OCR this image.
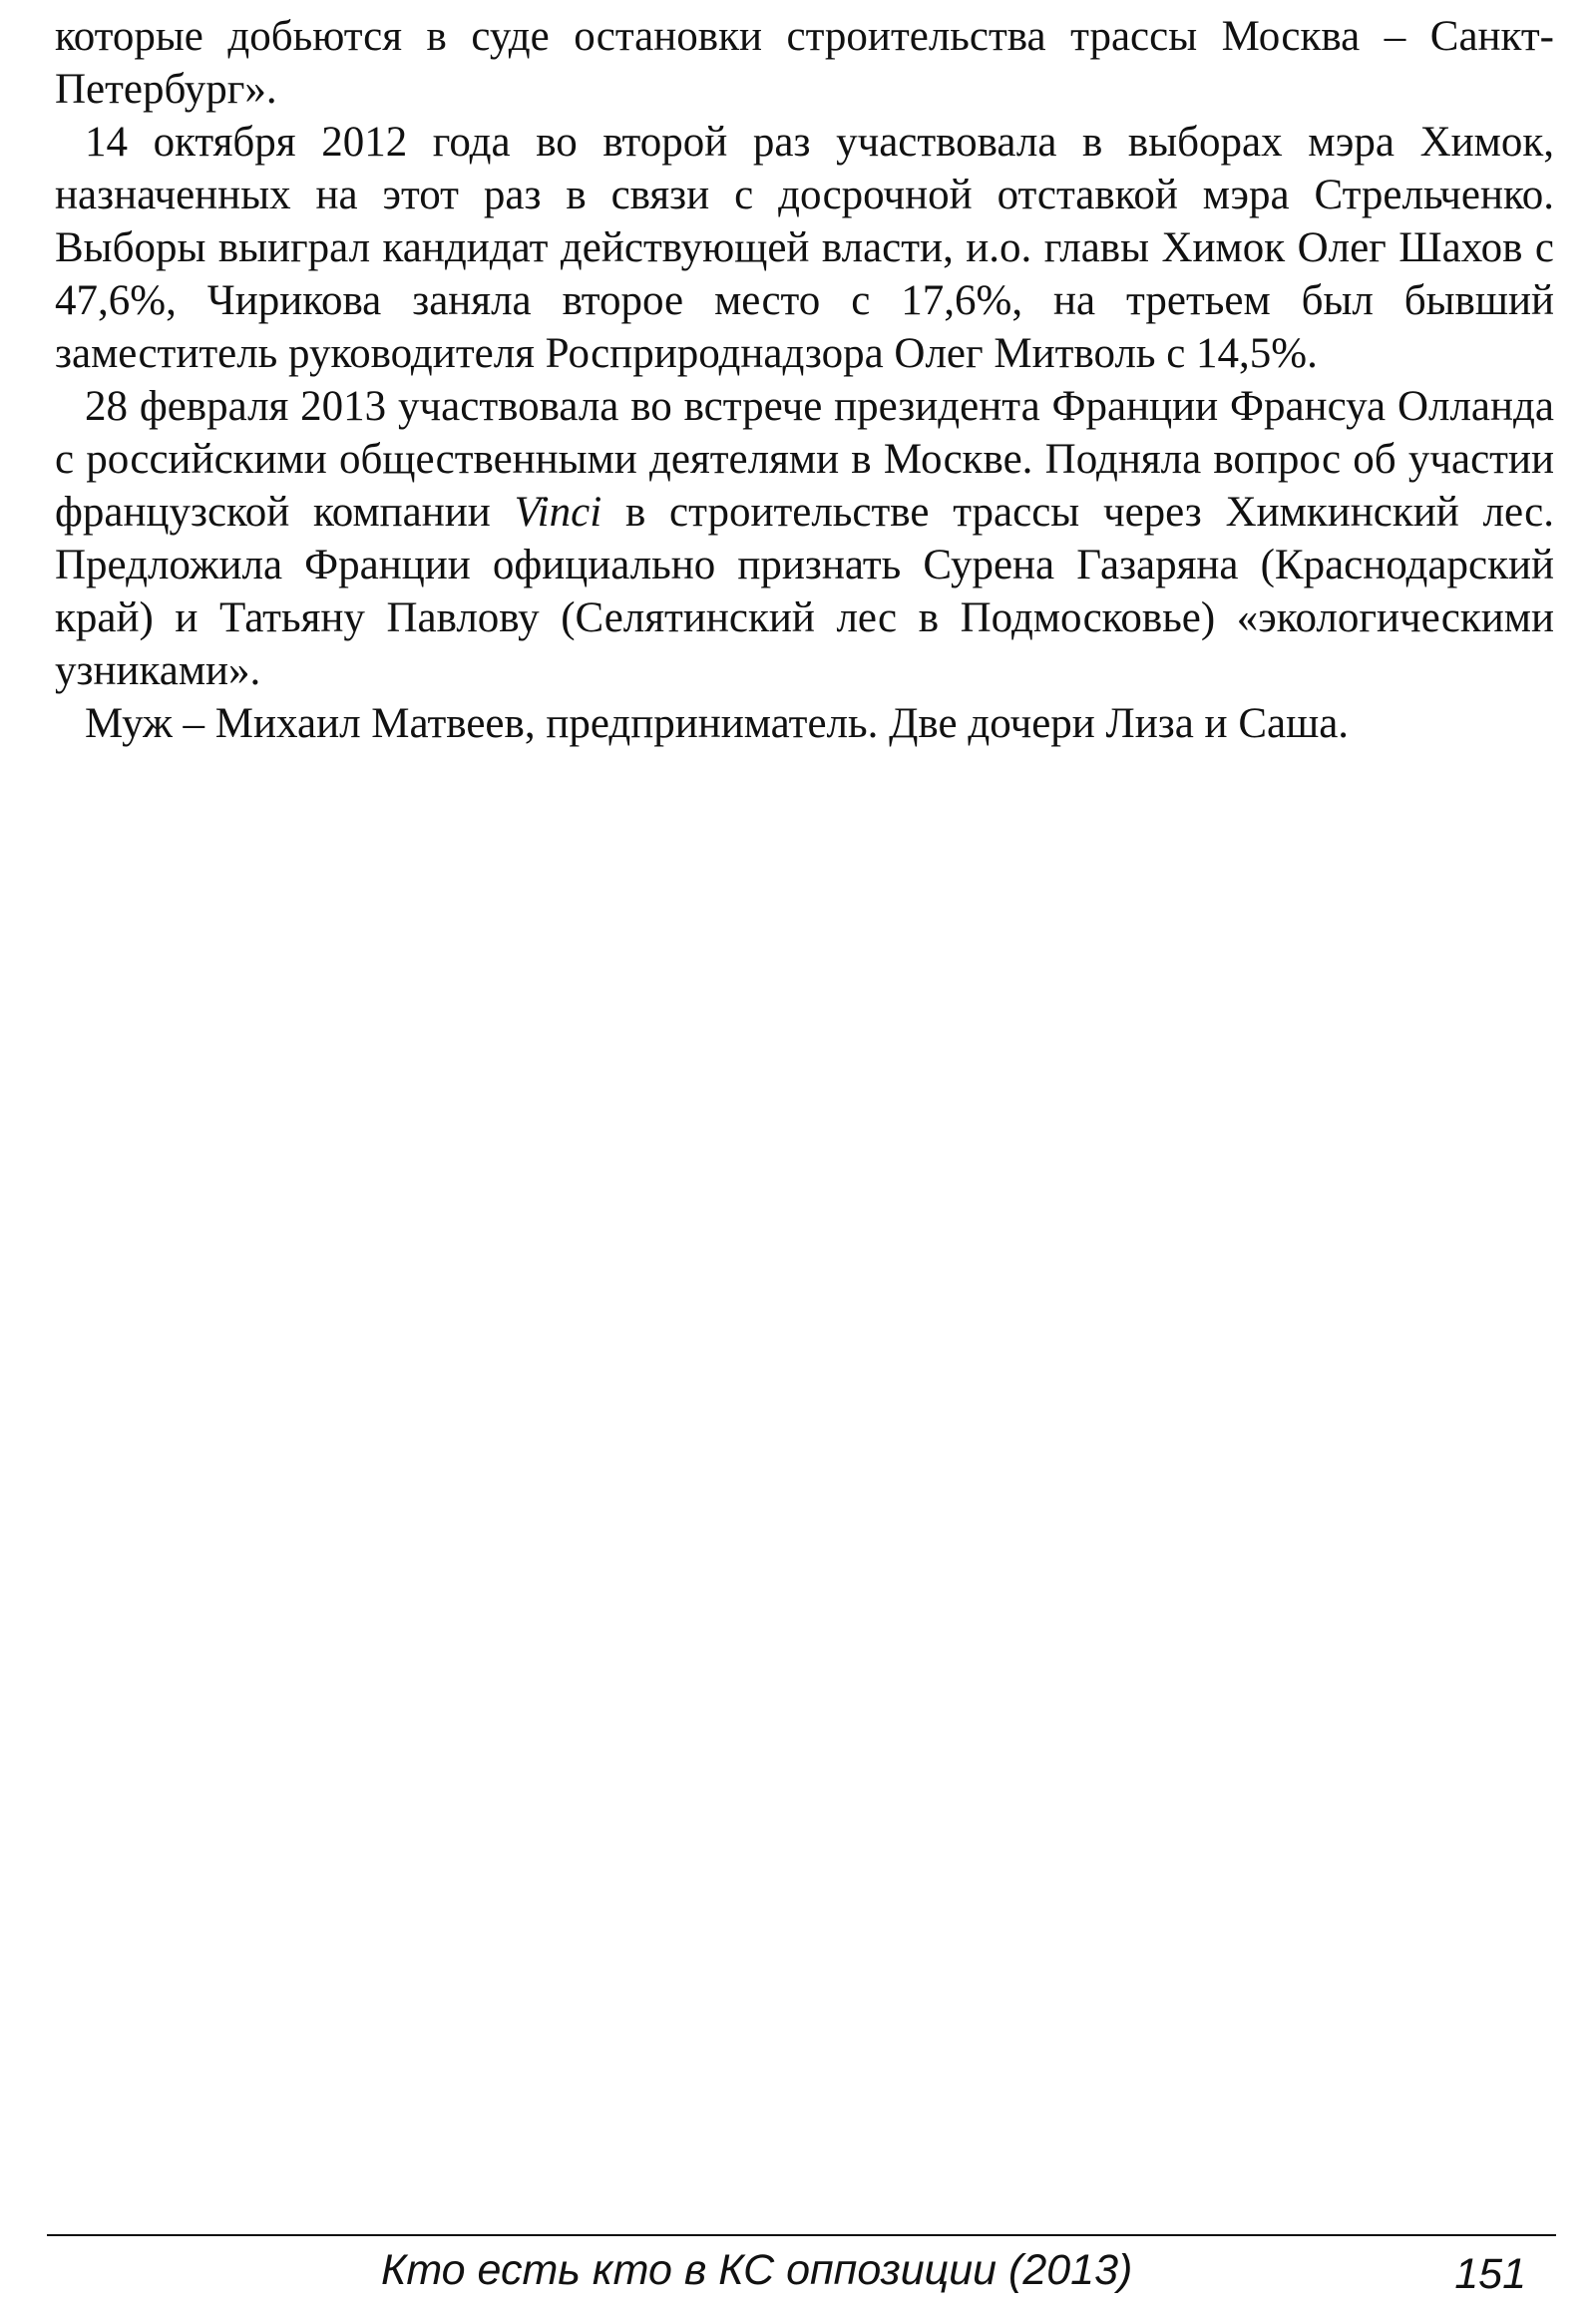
которые добьются в суде остановки строительства трассы Москва – Санкт-Петербург».

14 октября 2012 года во второй раз участвовала в выборах мэра Химок, назначенных на этот раз в связи с досрочной отставкой мэра Стрельченко. Выборы выиграл кандидат действующей власти, и.о. главы Химок Олег Шахов с 47,6%, Чирикова заняла второе место с 17,6%, на третьем был бывший заместитель руководителя Росприроднадзора Олег Митволь с 14,5%.

28 февраля 2013 участвовала во встрече президента Франции Франсуа Олланда с российскими общественными деятелями в Москве. Подняла вопрос об участии французской компании Vinci в строительстве трассы через Химкинский лес. Предложила Франции официально признать Сурена Газаряна (Краснодарский край) и Татьяну Павлову (Селятинский лес в Подмосковье) «экологическими узниками».

Муж – Михаил Матвеев, предприниматель. Две дочери Лиза и Саша.

Кто есть кто в КС оппозиции (2013)	151
